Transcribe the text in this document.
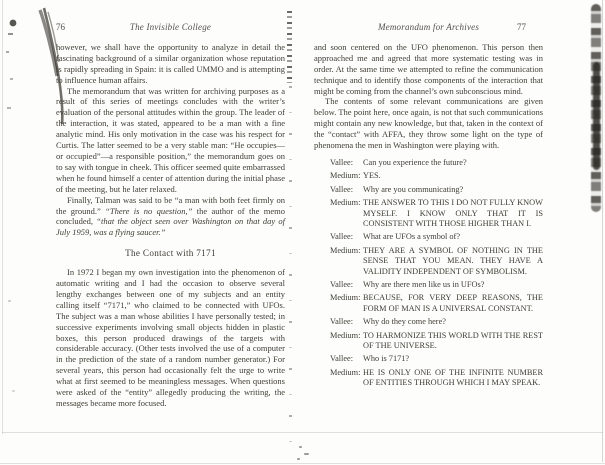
76	The Invisible College

however, we shall have the opportunity to analyze in detail the fascinating background of a similar organization whose reputation is rapidly spreading in Spain: it is called UMMO and is attempting to influence human affairs.

The memorandum that was written for archiving purposes as a result of this series of meetings concludes with the writer’s evaluation of the personal attitudes within the group. The leader of the interaction, it was stated, appeared to be a man with a fine analytic mind. His only motivation in the case was his respect for Curtis. The latter seemed to be a very stable man: “He occupies—or occupied”—a responsible position,” the memorandum goes on to say with tongue in cheek. This officer seemed quite embarrassed when he found himself a center of attention during the initial phase of the meeting, but he later relaxed.

Finally, Talman was said to be “a man with both feet firmly on the ground.” “There is no question,” the author of the memo concluded, “that the object seen over Washington on that day of July 1959, was a flying saucer.”

The Contact with 7171

In 1972 I began my own investigation into the phenomenon of automatic writing and I had the occasion to observe several lengthy exchanges between one of my subjects and an entity calling itself “7171,” who claimed to be connected with UFOs. The subject was a man whose abilities I have personally tested; in successive experiments involving small objects hidden in plastic boxes, this person produced drawings of the targets with considerable accuracy. (Other tests involved the use of a computer in the prediction of the state of a random number generator.) For several years, this person had occasionally felt the urge to write what at first seemed to be meaningless messages. When questions were asked of the “entity” allegedly producing the writing, the messages became more focused.

Memorandum for Archives	77

and soon centered on the UFO phenomenon. This person then approached me and agreed that more systematic testing was in order. At the same time we attempted to refine the communication technique and to identify those components of the interaction that might be coming from the channel’s own subconscious mind.

The contents of some relevant communications are given below. The point here, once again, is not that such communications might contain any new knowledge, but that, taken in the context of the “contact” with AFFA, they throw some light on the type of phenomena the men in Washington were playing with.

Vallee:	Can you experience the future?
Medium: YES.
Vallee:	Why are you communicating?
Medium: THE ANSWER TO THIS I DO NOT FULLY KNOW MYSELF. I KNOW ONLY THAT IT IS CONSISTENT WITH THOSE HIGHER THAN I.
Vallee:	What are UFOs a symbol of?
Medium: THEY ARE A SYMBOL OF NOTHING IN THE SENSE THAT YOU MEAN. THEY HAVE A VALIDITY INDEPENDENT OF SYMBOLISM.
Vallee:	Why are there men like us in UFOs?
Medium: BECAUSE, FOR VERY DEEP REASONS, THE FORM OF MAN IS A UNIVERSAL CONSTANT.
Vallee:	Why do they come here?
Medium: TO HARMONIZE THIS WORLD WITH THE REST OF THE UNIVERSE.
Vallee:	Who is 7171?
Medium: HE IS ONLY ONE OF THE INFINITE NUMBER OF ENTITIES THROUGH WHICH I MAY SPEAK.
